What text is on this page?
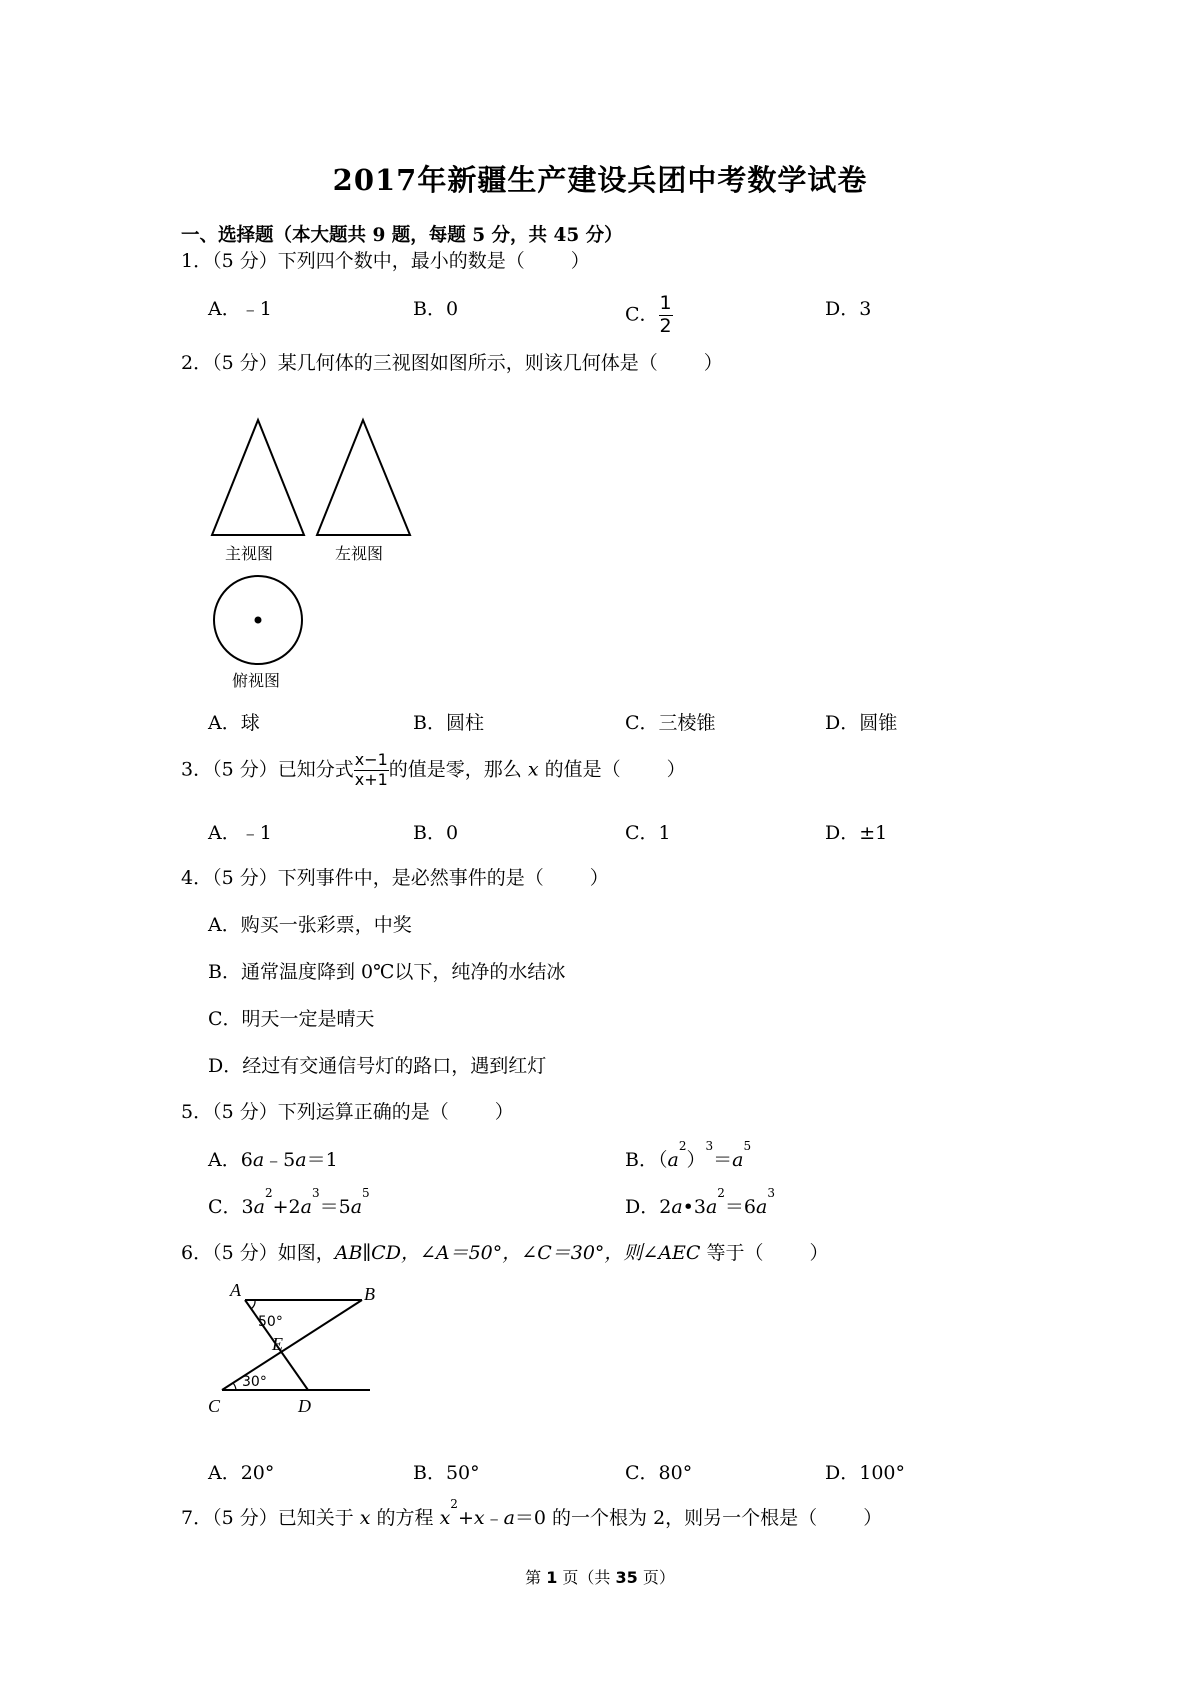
2017年新疆生产建设兵团中考数学试卷
一、选择题（本大题共 9 题，每题 5 分，共 45 分）
1．（5 分）下列四个数中，最小的数是（ ）
A．﹣1	B．0	C． $\frac{1}{2}$	D．3
2．（5 分）某几何体的三视图如图所示，则该几何体是（ ）
主视图	左视图
俯视图
A．球	B．圆柱	C．三棱锥	D．圆锥
3．（5 分）已知分式 $\frac{x-1}{x+1}$ 的值是零，那么 x 的值是（ ）
A．﹣1	B．0	C．1	D．±1
4．（5 分）下列事件中，是必然事件的是（ ）
A．购买一张彩票，中奖
B．通常温度降到 0℃以下，纯净的水结冰
C．明天一定是晴天
D．经过有交通信号灯的路口，遇到红灯
5．（5 分）下列运算正确的是（ ）
A．6a﹣5a＝1	B．$(a^2)^3=a^5$
C．$3a^2+2a^3=5a^5$
D．$2a•3a^2=6a^3$
6．（5 分）如图，AB∥CD，∠A＝50°，∠C＝30°，则∠AEC 等于（ ）
A	B
E
C	D
50°
30°
A．20°	B．50°	C．80°	D．100°
7．（5 分）已知关于 x 的方程 $x^2+x﹣a=0$ 的一个根为 2，则另一个根是（ ）
第 1 页（共 35 页）
